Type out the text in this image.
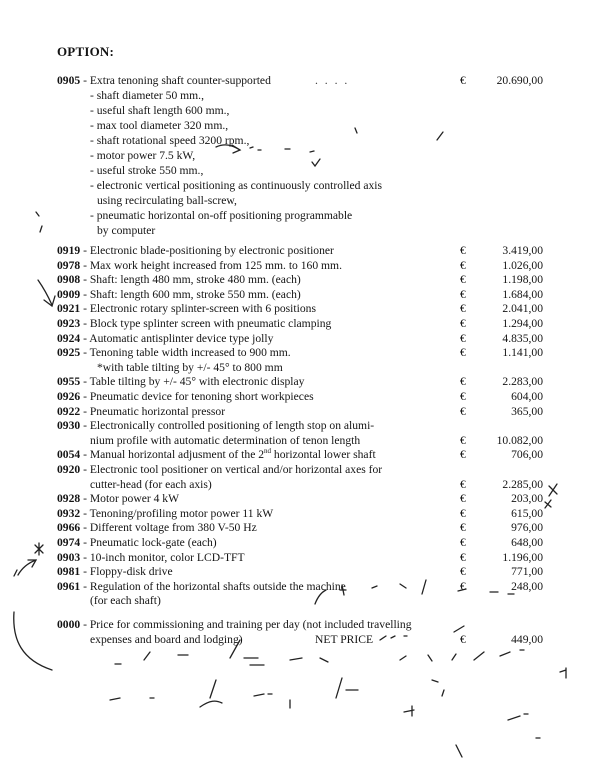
OPTION:
0905 - Extra tenoning shaft counter-supported	. . . .	€	20.690,00
- shaft diameter 50 mm.,
- useful shaft length 600 mm.,
- max tool diameter 320 mm.,
- shaft rotational speed 3200 rpm.,
- motor power 7.5 kW,
- useful stroke 550 mm.,
- electronic vertical positioning as continuously controlled axis
using recirculating ball-screw,
- pneumatic horizontal on-off positioning programmable
by computer
0919 - Electronic blade-positioning by electronic positioner	€	3.419,00
0978 - Max work height increased from 125 mm. to 160 mm.	€	1.026,00
0908 - Shaft: length 480 mm, stroke 480 mm. (each)	€	1.198,00
0909 - Shaft: length 600 mm, stroke 550 mm. (each)	€	1.684,00
0921 - Electronic rotary splinter-screen with 6 positions	€	2.041,00
0923 - Block type splinter screen with pneumatic clamping	€	1.294,00
0924 - Automatic antisplinter device type jolly	€	4.835,00
0925 - Tenoning table width increased to 900 mm.	€	1.141,00
*with table tilting by +/- 45° to 800 mm
0955 - Table tilting by +/- 45° with electronic display	€	2.283,00
0926 - Pneumatic device for tenoning short workpieces	€	604,00
0922 - Pneumatic horizontal pressor	€	365,00
0930 - Electronically controlled positioning of length stop on alumi-
nium profile with automatic determination of tenon length	€	10.082,00
0054 - Manual horizontal adjusment of the 2nd horizontal lower shaft	€	706,00
0920 - Electronic tool positioner on vertical and/or horizontal axes for
cutter-head (for each axis)	€	2.285,00
0928 - Motor power 4 kW	€	203,00
0932 - Tenoning/profiling motor power 11 kW	€	615,00
0966 - Different voltage from 380 V-50 Hz	€	976,00
0974 - Pneumatic lock-gate (each)	€	648,00
0903 - 10-inch monitor, color LCD-TFT	€	1.196,00
0981 - Floppy-disk drive	€	771,00
0961 - Regulation of the horizontal shafts outside the machine	€	248,00
(for each shaft)
0000 - Price for commissioning and training per day (not included travelling
expenses and board and lodging)	NET PRICE	€	449,00
